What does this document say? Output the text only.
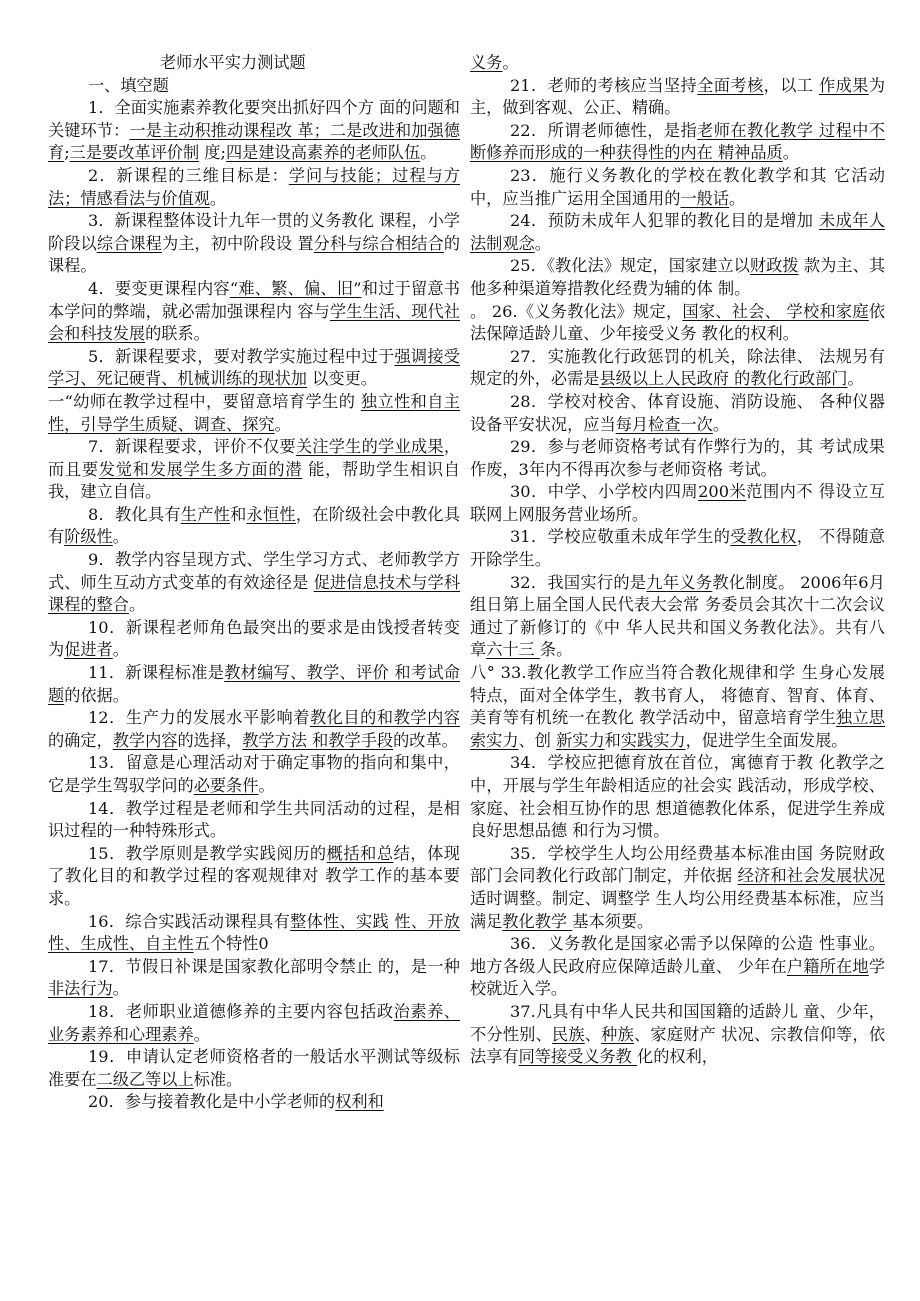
老师水平实力测试题
一、填空题
1．全面实施素养教化要突出抓好四个方 面的问题和关键环节：一是主动积推动课程改 革；二是改进和加强德育;三是要改革评价制 度;四是建设高素养的老师队伍。
2．新课程的三维目标是：学问与技能；过程与方法；情感看法与价值观。
3．新课程整体设计九年一贯的义务教化 课程，小学阶段以综合课程为主，初中阶段设 置分科与综合相结合的课程。
4．要变更课程内容“难、繁、偏、旧”和过于留意书本学问的弊端，就必需加强课程内 容与学生生活、现代社会和科技发展的联系。
5．新课程要求，要对教学实施过程中过于强调接受学习、死记硬背、机械训练的现状加 以变更。
一“幼师在教学过程中，要留意培育学生的 独立性和自主性，引导学生质疑、调查、探究。
7．新课程要求，评价不仅要关注学生的学业成果，而且要发觉和发展学生多方面的潜 能，帮助学生相识自我，建立自信。
8．教化具有生产性和永恒性，在阶级社会中教化具有阶级性。
9．教学内容呈现方式、学生学习方式、老师教学方式、师生互动方式变革的有效途径是 促进信息技术与学科课程的整合。
10．新课程老师角色最突出的要求是由饯授者转变为促进者。
11．新课程标准是教材编写、教学、评价 和考试命题的依据。
12．生产力的发展水平影响着教化目的和教学内容的确定，教学内容的选择，教学方法 和教学手段的改革。
13．留意是心理活动对于确定事物的指向和集中，它是学生驾驭学问的必要条件。
14．教学过程是老师和学生共同活动的过程，是相识过程的一种特殊形式。
15．教学原则是教学实践阅历的概括和总结，体现了教化目的和教学过程的客观规律对 教学工作的基本要求。
16．综合实践活动课程具有整体性、实践 性、开放性、生成性、自主性五个特性0
17．节假日补课是国家教化部明令禁止 的，是一种非法行为。
18．老师职业道德修养的主要内容包括政治素养、业务素养和心理素养。
19．申请认定老师资格者的一般话水平测试等级标准要在二级乙等以上标准。
20．参与接着教化是中小学老师的权利和
义务。
21．老师的考核应当坚持全面考核，以工 作成果为主，做到客观、公正、精确。
22．所谓老师德性，是指老师在教化教学 过程中不断修养而形成的一种获得性的内在 精神品质。
23．施行义务教化的学校在教化教学和其 它活动中，应当推广运用全国通用的一般话。
24．预防未成年人犯罪的教化目的是增加 未成年人法制观念。
25．《教化法》规定，国家建立以财政拨 款为主、其他多种渠道筹措教化经费为辅的体 制。
。 26.《义务教化法》规定，国家、社会、 学校和家庭依法保障适龄儿童、少年接受义务 教化的权利。
27．实施教化行政惩罚的机关，除法律、 法规另有规定的外，必需是县级以上人民政府 的教化行政部门。
28．学校对校舍、体育设施、消防设施、 各种仪器设备平安状况，应当每月检查一次。
29．参与老师资格考试有作弊行为的，其 考试成果作废，3年内不得再次参与老师资格 考试。
30．中学、小学校内四周200米范围内不 得设立互联网上网服务营业场所。
31．学校应敬重未成年学生的受教化权， 不得随意开除学生。
32．我国实行的是九年义务教化制度。 2006年6月组日第上届全国人民代表大会常 务委员会其次十二次会议通过了新修订的《中 华人民共和国义务教化法》。共有八章六十三 条。
八° 33.教化教学工作应当符合教化规律和学 生身心发展特点，面对全体学生，教书育人， 将德育、智育、体育、美育等有机统一在教化 教学活动中，留意培育学生独立思索实力、创 新实力和实践实力，促进学生全面发展。
34．学校应把德育放在首位，寓德育于教 化教学之中，开展与学生年龄相适应的社会实 践活动，形成学校、家庭、社会相互协作的思 想道德教化体系，促进学生养成良好思想品德 和行为习惯。
35．学校学生人均公用经费基本标准由国 务院财政部门会同教化行政部门制定，并依据 经济和社会发展状况适时调整。制定、调整学 生人均公用经费基本标准，应当满足教化教学 基本须要。
36．义务教化是国家必需予以保障的公造 性事业。地方各级人民政府应保障适龄儿童、 少年在户籍所在地学校就近入学。
37.凡具有中华人民共和国国籍的适龄儿 童、少年，不分性别、民族、种族、家庭财产 状况、宗教信仰等，依法享有同等接受义务教 化的权利，
